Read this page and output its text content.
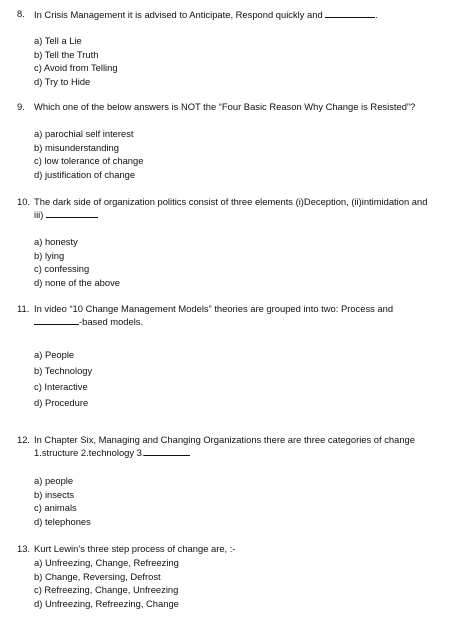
8. In Crisis Management it is advised to Anticipate, Respond quickly and	.
a) Tell a Lie
b) Tell the Truth
c) Avoid from Telling
d) Try to Hide
9. Which one of the below answers is NOT the “Four Basic Reason Why Change is Resisted”?
a) parochial self interest
b) misunderstanding
c) low tolerance of change
d) justification of change
10. The dark side of organization politics consist of three elements (i)Deception, (ii)intimidation and
iii)
a) honesty
b) lying
c) confessing
d) none of the above
11. In video “10 Change Management Models” theories are grouped into two: Process and
-based models.
a) People
b) Technology
c) Interactive
d) Procedure
12. In Chapter Six, Managing and Changing Organizations there are three categories of change
1.structure 2.technology 3.
a) people
b) insects
c) animals
d) telephones
13. Kurt Lewin’s three step process of change are, :-
a) Unfreezing, Change, Refreezing
b) Change, Reversing, Defrost
c) Refreezing, Change, Unfreezing
d) Unfreezing, Refreezing, Change
